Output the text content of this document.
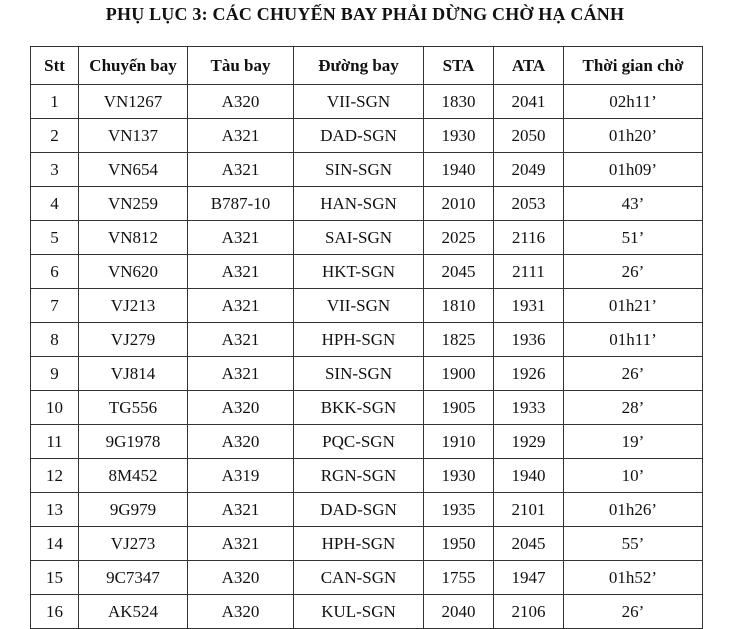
PHỤ LỤC 3: CÁC CHUYẾN BAY PHẢI DỪNG CHỜ HẠ CÁNH
Stt	Chuyến bay	Tàu bay	Đường bay	STA	ATA	Thời gian chờ
1	VN1267	A320	VII-SGN	1830	2041	02h11’
2	VN137	A321	DAD-SGN	1930	2050	01h20’
3	VN654	A321	SIN-SGN	1940	2049	01h09’
4	VN259	B787-10	HAN-SGN	2010	2053	43’
5	VN812	A321	SAI-SGN	2025	2116	51’
6	VN620	A321	HKT-SGN	2045	2111	26’
7	VJ213	A321	VII-SGN	1810	1931	01h21’
8	VJ279	A321	HPH-SGN	1825	1936	01h11’
9	VJ814	A321	SIN-SGN	1900	1926	26’
10	TG556	A320	BKK-SGN	1905	1933	28’
11	9G1978	A320	PQC-SGN	1910	1929	19’
12	8M452	A319	RGN-SGN	1930	1940	10’
13	9G979	A321	DAD-SGN	1935	2101	01h26’
14	VJ273	A321	HPH-SGN	1950	2045	55’
15	9C7347	A320	CAN-SGN	1755	1947	01h52’
16	AK524	A320	KUL-SGN	2040	2106	26’
